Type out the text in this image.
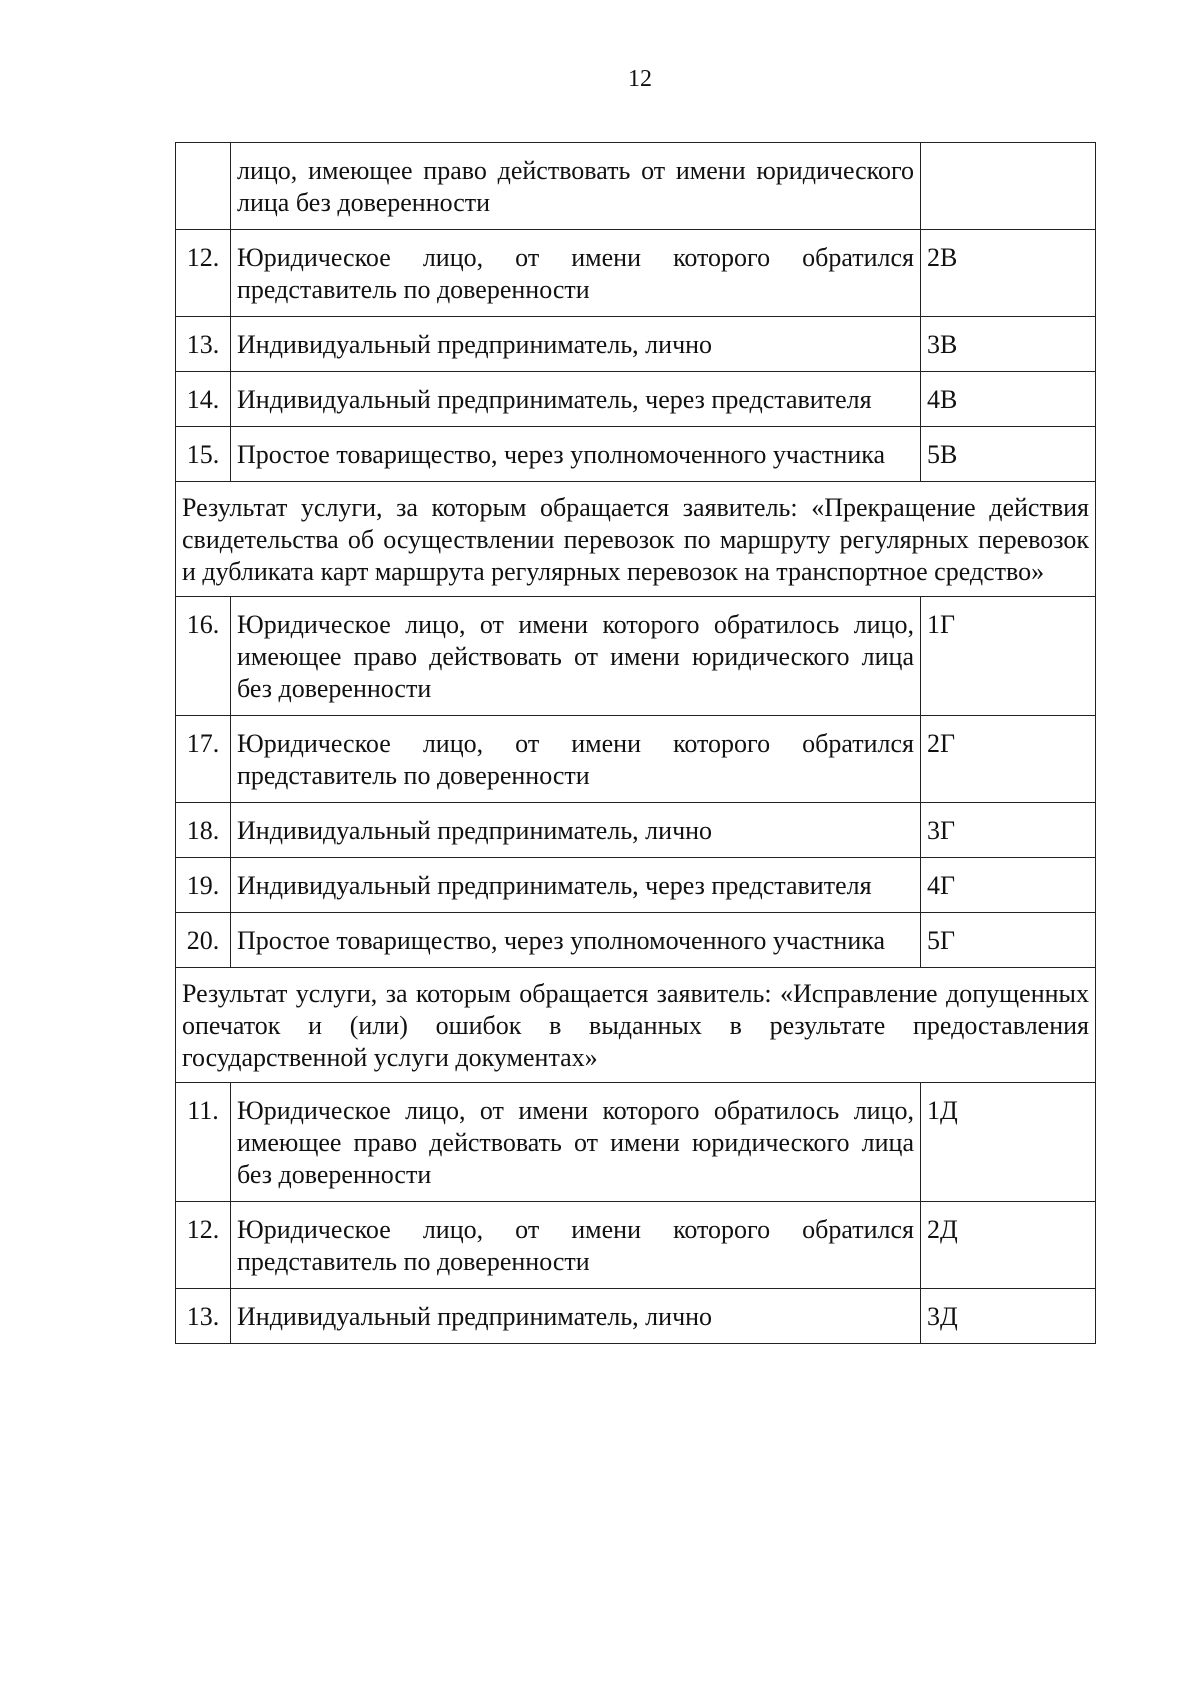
12
	лицо, имеющее право действовать от имени юридического лица без доверенности	
12.	Юридическое лицо, от имени которого обратился представитель по доверенности	2В
13.	Индивидуальный предприниматель, лично	3В
14.	Индивидуальный предприниматель, через представителя	4В
15.	Простое товарищество, через уполномоченного участника	5В
Результат услуги, за которым обращается заявитель: «Прекращение действия свидетельства об осуществлении перевозок по маршруту регулярных перевозок и дубликата карт маршрута регулярных перевозок на транспортное средство»		
16.	Юридическое лицо, от имени которого обратилось лицо, имеющее право действовать от имени юридического лица без доверенности	1Г
17.	Юридическое лицо, от имени которого обратился представитель по доверенности	2Г
18.	Индивидуальный предприниматель, лично	3Г
19.	Индивидуальный предприниматель, через представителя	4Г
20.	Простое товарищество, через уполномоченного участника	5Г
Результат услуги, за которым обращается заявитель: «Исправление допущенных опечаток и (или) ошибок в выданных в результате предоставления государственной услуги документах»		
11.	Юридическое лицо, от имени которого обратилось лицо, имеющее право действовать от имени юридического лица без доверенности	1Д
12.	Юридическое лицо, от имени которого обратился представитель по доверенности	2Д
13.	Индивидуальный предприниматель, лично	3Д
